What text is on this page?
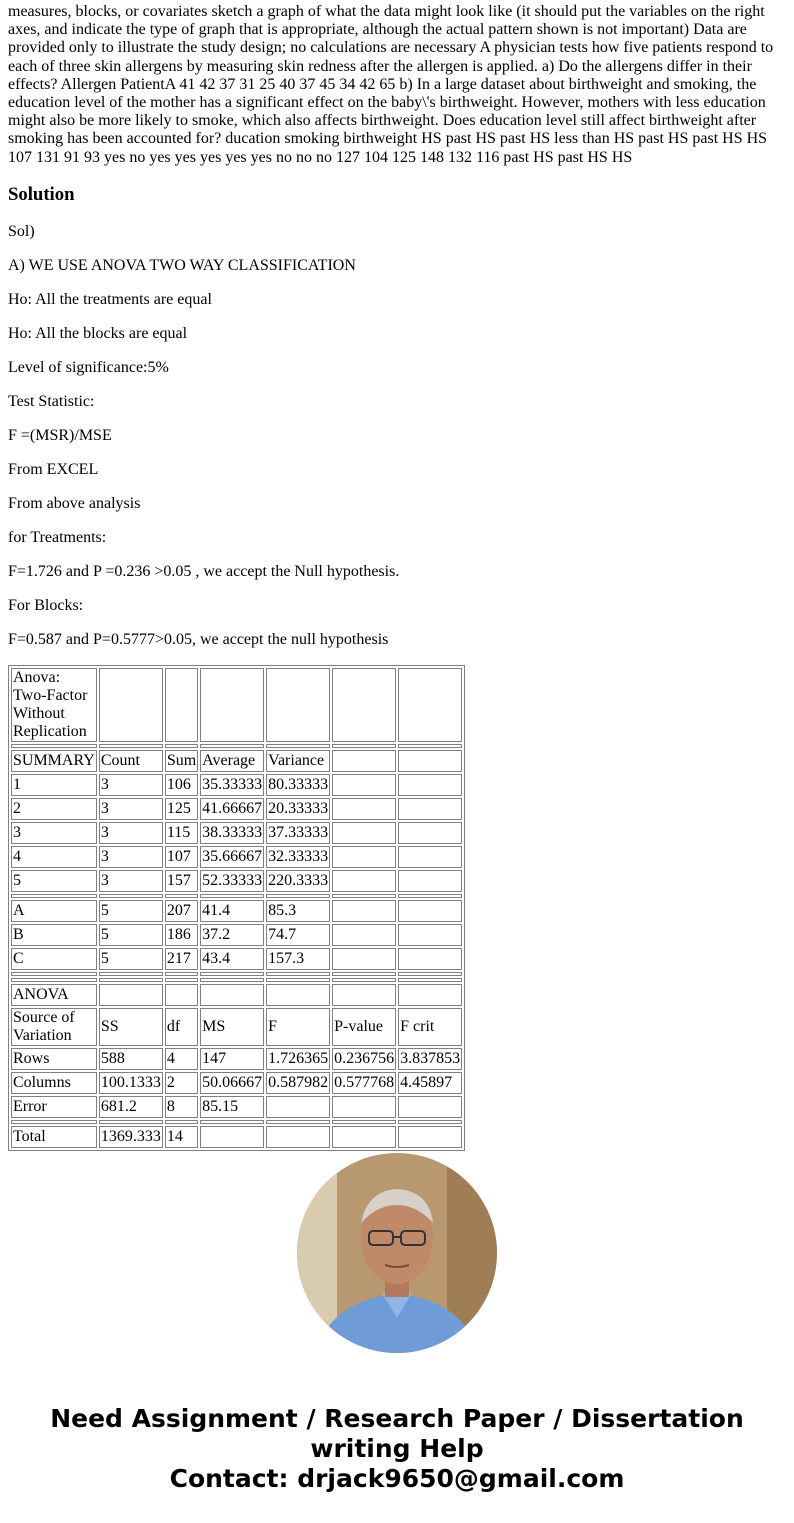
measures, blocks, or covariates sketch a graph of what the data might look like (it should put the variables on the right axes, and indicate the type of graph that is appropriate, although the actual pattern shown is not important) Data are provided only to illustrate the study design; no calculations are necessary A physician tests how five patients respond to each of three skin allergens by measuring skin redness after the allergen is applied. a) Do the allergens differ in their effects? Allergen PatientA 41 42 37 31 25 40 37 45 34 42 65 b) In a large dataset about birthweight and smoking, the education level of the mother has a significant effect on the baby\'s birthweight. However, mothers with less education might also be more likely to smoke, which also affects birthweight. Does education level still affect birthweight after smoking has been accounted for? ducation smoking birthweight HS past HS past HS less than HS past HS past HS HS 107 131 91 93 yes no yes yes yes yes yes no no no 127 104 125 148 132 116 past HS past HS HS

Solution

Sol)

A) WE USE ANOVA TWO WAY CLASSIFICATION

Ho: All the treatments are equal

Ho: All the blocks are equal

Level of significance:5%

Test Statistic:

F =(MSR)/MSE

From EXCEL

From above analysis

for Treatments:

F=1.726 and P =0.236 >0.05 , we accept the Null hypothesis.

For Blocks:

F=0.587 and P=0.5777>0.05, we accept the null hypothesis

Anova: Two-Factor Without Replication						

SUMMARY	Count	Sum	Average	Variance		
1	3	106	35.33333	80.33333		
2	3	125	41.66667	20.33333		
3	3	115	38.33333	37.33333		
4	3	107	35.66667	32.33333		
5	3	157	52.33333	220.3333		

A	5	207	41.4	85.3		
B	5	186	37.2	74.7		
C	5	217	43.4	157.3		

ANOVA						
Source of Variation	SS	df	MS	F	P-value	F crit
Rows	588	4	147	1.726365	0.236756	3.837853
Columns	100.1333	2	50.06667	0.587982	0.577768	4.45897
Error	681.2	8	85.15			

Total	1369.333	14				
Need Assignment / Research Paper / Dissertation
writing Help
Contact: drjack9650@gmail.com
